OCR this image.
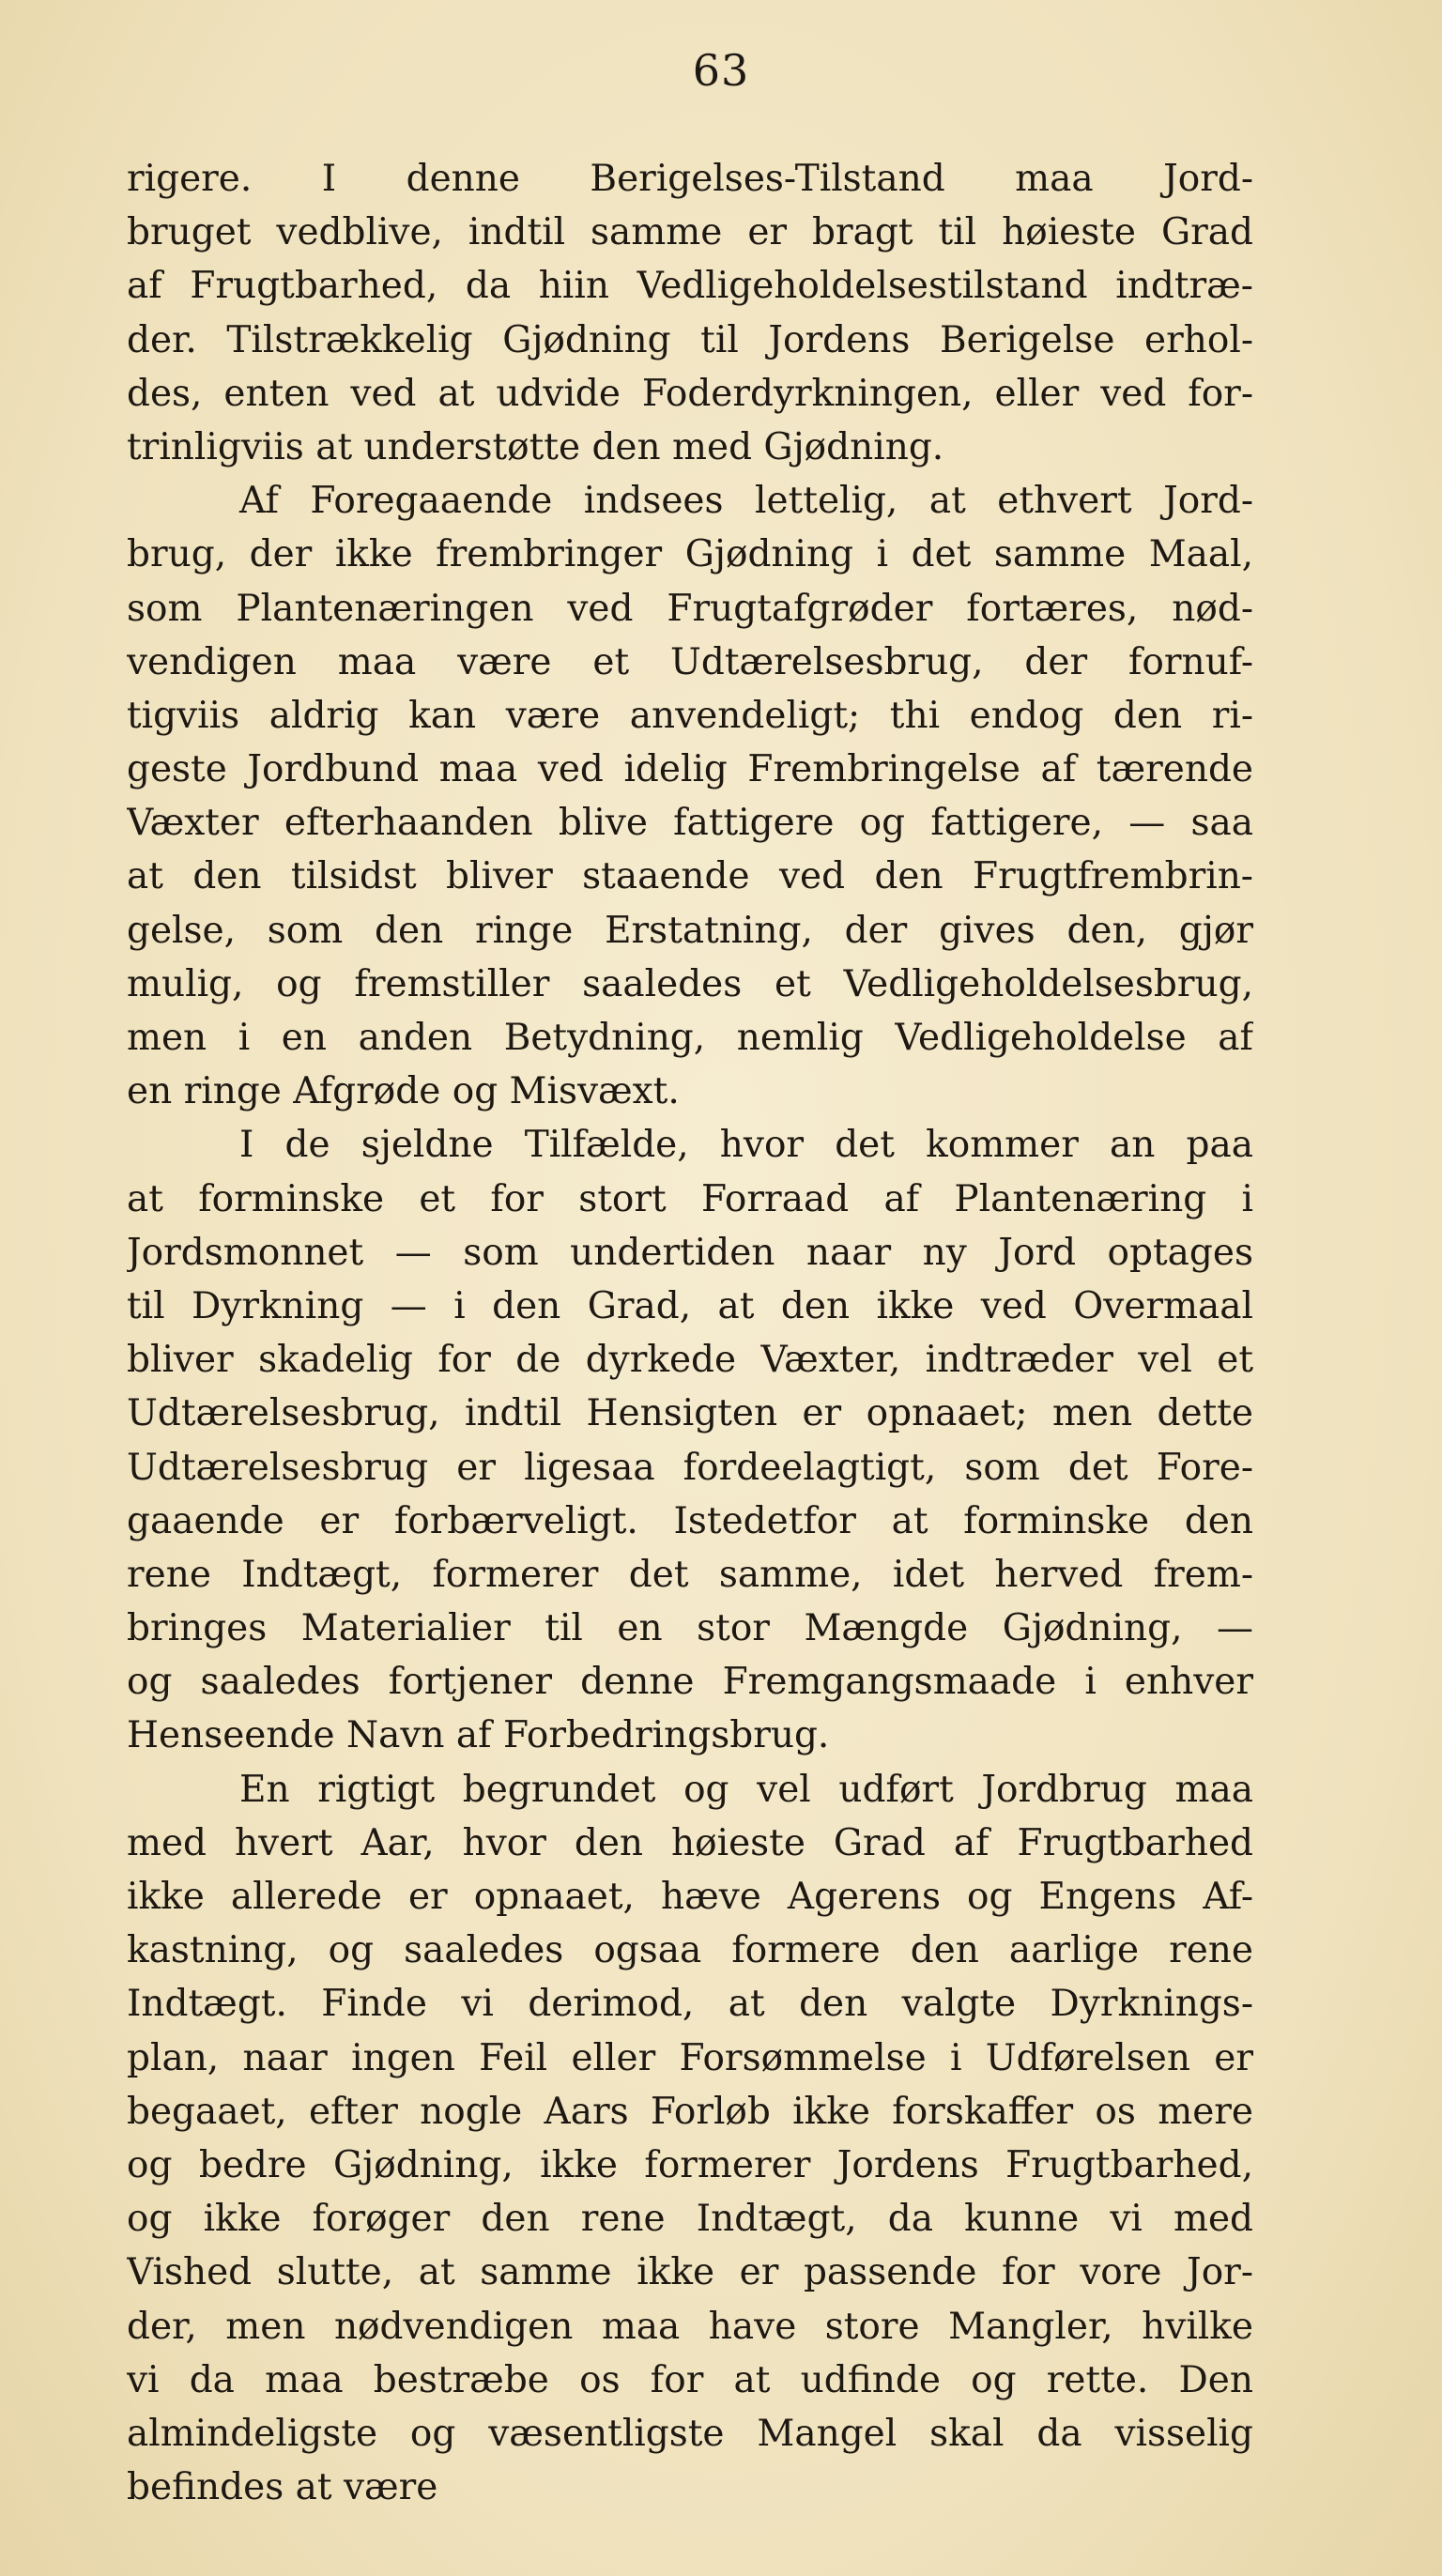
63
rigere. I denne Berigelses-Tilstand maa Jord-
bruget vedblive, indtil samme er bragt til høieste Grad
af Frugtbarhed, da hiin Vedligeholdelsestilstand indtræ-
der. Tilstrækkelig Gjødning til Jordens Berigelse erhol-
des, enten ved at udvide Foderdyrkningen, eller ved for-
trinligviis at understøtte den med Gjødning.
Af Foregaaende indsees lettelig, at ethvert Jord-
brug, der ikke frembringer Gjødning i det samme Maal,
som Plantenæringen ved Frugtafgrøder fortæres, nød-
vendigen maa være et Udtærelsesbrug, der fornuf-
tigviis aldrig kan være anvendeligt; thi endog den ri-
geste Jordbund maa ved idelig Frembringelse af tærende
Væxter efterhaanden blive fattigere og fattigere, — saa
at den tilsidst bliver staaende ved den Frugtfrembrin-
gelse, som den ringe Erstatning, der gives den, gjør
mulig, og fremstiller saaledes et Vedligeholdelsesbrug,
men i en anden Betydning, nemlig Vedligeholdelse af
en ringe Afgrøde og Misvæxt.
I de sjeldne Tilfælde, hvor det kommer an paa
at forminske et for stort Forraad af Plantenæring i
Jordsmonnet — som undertiden naar ny Jord optages
til Dyrkning — i den Grad, at den ikke ved Overmaal
bliver skadelig for de dyrkede Væxter, indtræder vel et
Udtærelsesbrug, indtil Hensigten er opnaaet; men dette
Udtærelsesbrug er ligesaa fordeelagtigt, som det Fore-
gaaende er forbærveligt. Istedetfor at forminske den
rene Indtægt, formerer det samme, idet herved frem-
bringes Materialier til en stor Mængde Gjødning, —
og saaledes fortjener denne Fremgangsmaade i enhver
Henseende Navn af Forbedringsbrug.
En rigtigt begrundet og vel udført Jordbrug maa
med hvert Aar, hvor den høieste Grad af Frugtbarhed
ikke allerede er opnaaet, hæve Agerens og Engens Af-
kastning, og saaledes ogsaa formere den aarlige rene
Indtægt. Finde vi derimod, at den valgte Dyrknings-
plan, naar ingen Feil eller Forsømmelse i Udførelsen er
begaaet, efter nogle Aars Forløb ikke forskaffer os mere
og bedre Gjødning, ikke formerer Jordens Frugtbarhed,
og ikke forøger den rene Indtægt, da kunne vi med
Vished slutte, at samme ikke er passende for vore Jor-
der, men nødvendigen maa have store Mangler, hvilke
vi da maa bestræbe os for at udfinde og rette. Den
almindeligste og væsentligste Mangel skal da visselig
befindes at være
